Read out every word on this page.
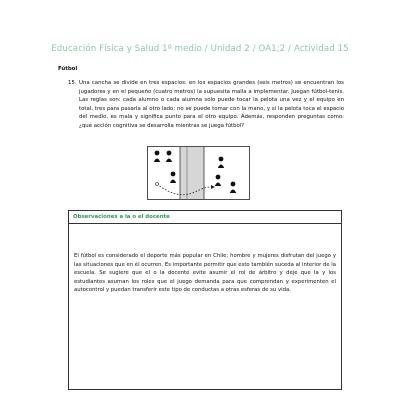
Educación Física y Salud 1º medio / Unidad 2 / OA1;2 / Actividad 15
Fútbol
15. Una cancha se divide en tres espacios: en los espacios grandes (seis metros) se encuentran los jugadores y en el pequeño (cuatro metros) la supuesita malla a implementar. Juegan fútbol-tenis. Las reglas son: cada alumno o cada alumna solo puede tocar la pelota una vez y el equipo en total, tres para pasarla al otro lado; no se puede tomar con la mano, y si la pelota toca el espacio del medio, es mala y significa punto para el otro equipo. Además, responden preguntas como: ¿qué acción cognitiva se desarrolla mientras se juega fútbol?
Observaciones a la o el docente
El fútbol es considerado el deporte más popular en Chile; hombre y mujeres disfrutan del juego y las situaciones que en él ocurren. Es importante permitir que esto también suceda al interior de la escuela. Se sugiere que el o la docente evite asumir el rol de árbitro y deje que la y los estudiantes asuman los roles que el juego demanda para que comprendan y experimenten el autocontrol y puedan transferir este tipo de conductas a otras esferas de su vida.
